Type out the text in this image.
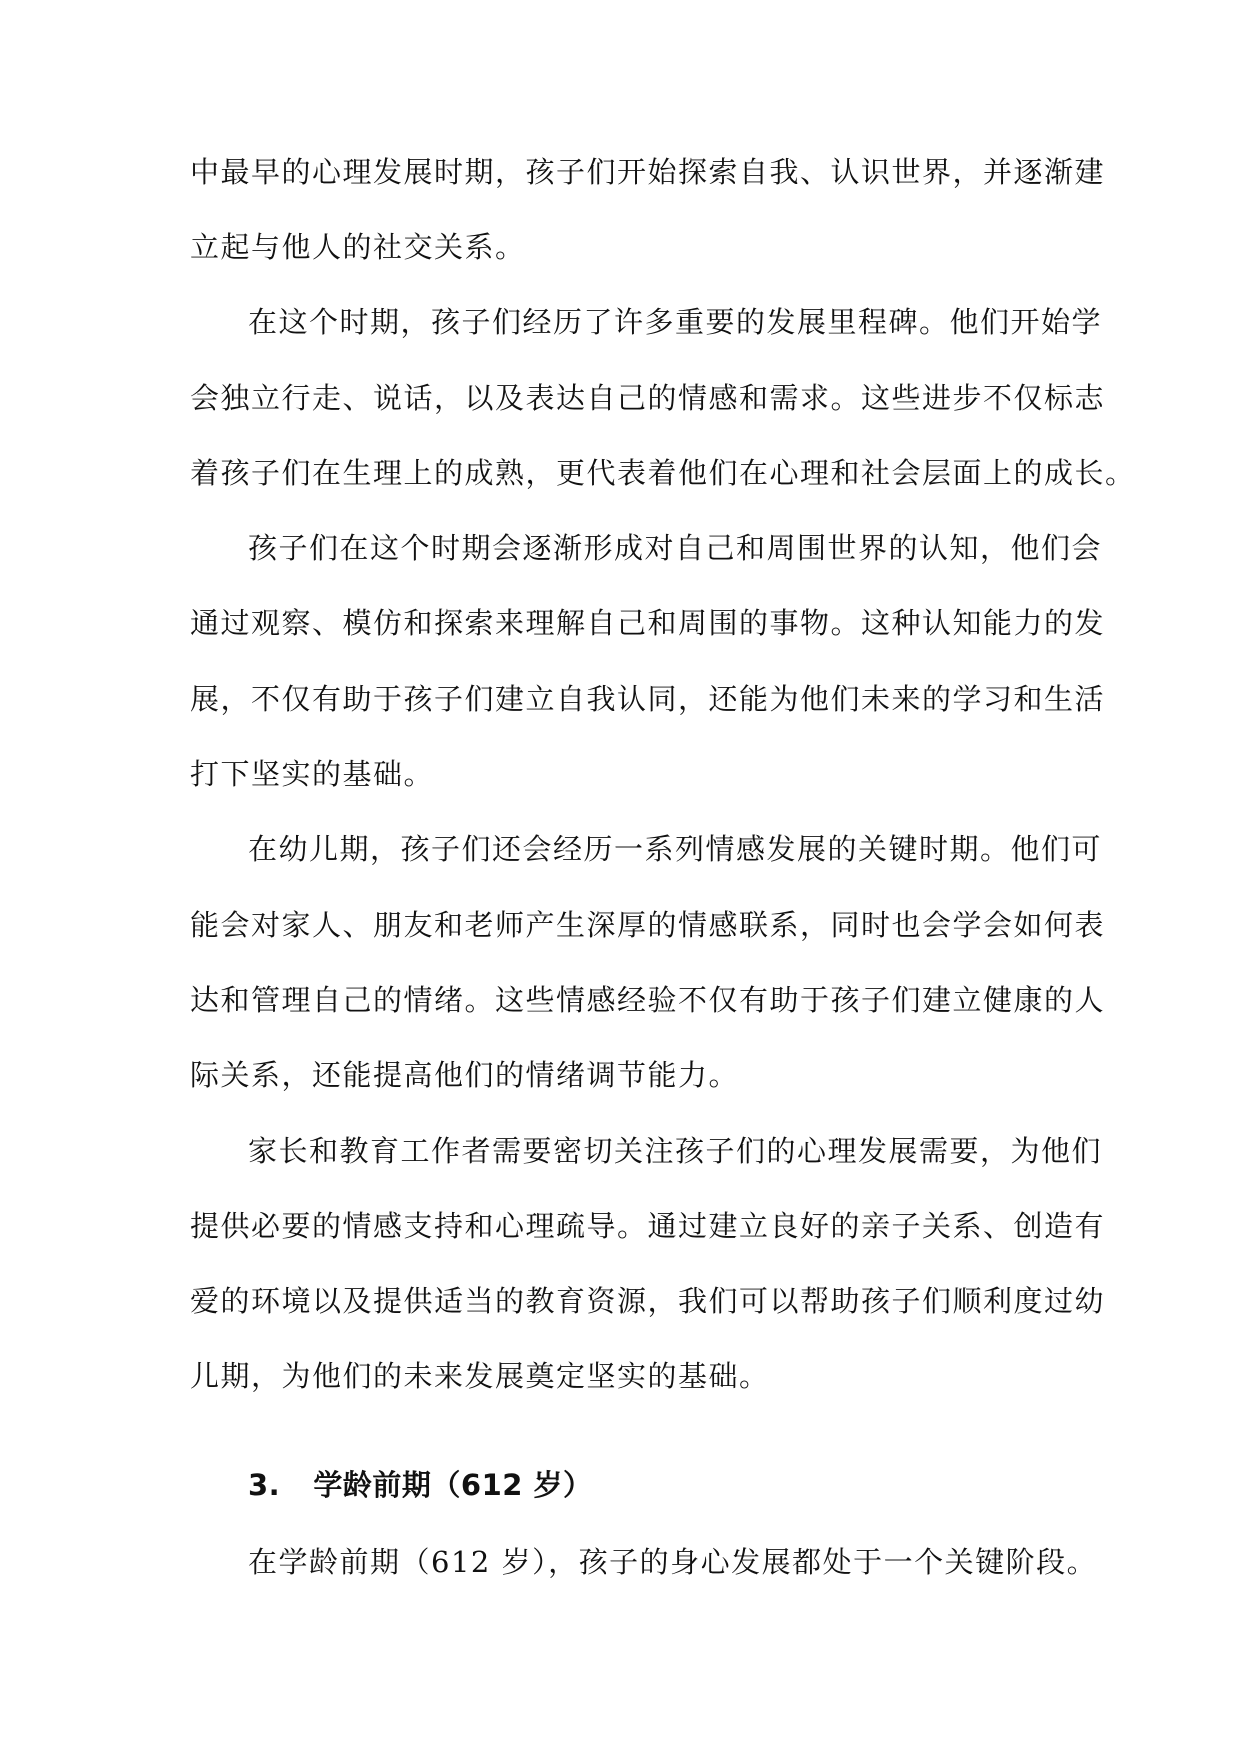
中最早的心理发展时期，孩子们开始探索自我、认识世界，并逐渐建
立起与他人的社交关系。
在这个时期，孩子们经历了许多重要的发展里程碑。他们开始学
会独立行走、说话，以及表达自己的情感和需求。这些进步不仅标志
着孩子们在生理上的成熟，更代表着他们在心理和社会层面上的成长。
孩子们在这个时期会逐渐形成对自己和周围世界的认知，他们会
通过观察、模仿和探索来理解自己和周围的事物。这种认知能力的发
展，不仅有助于孩子们建立自我认同，还能为他们未来的学习和生活
打下坚实的基础。
在幼儿期，孩子们还会经历一系列情感发展的关键时期。他们可
能会对家人、朋友和老师产生深厚的情感联系，同时也会学会如何表
达和管理自己的情绪。这些情感经验不仅有助于孩子们建立健康的人
际关系，还能提高他们的情绪调节能力。
家长和教育工作者需要密切关注孩子们的心理发展需要，为他们
提供必要的情感支持和心理疏导。通过建立良好的亲子关系、创造有
爱的环境以及提供适当的教育资源，我们可以帮助孩子们顺利度过幼
儿期，为他们的未来发展奠定坚实的基础。
3. 学龄前期（612 岁）
在学龄前期（612 岁），孩子的身心发展都处于一个关键阶段。
